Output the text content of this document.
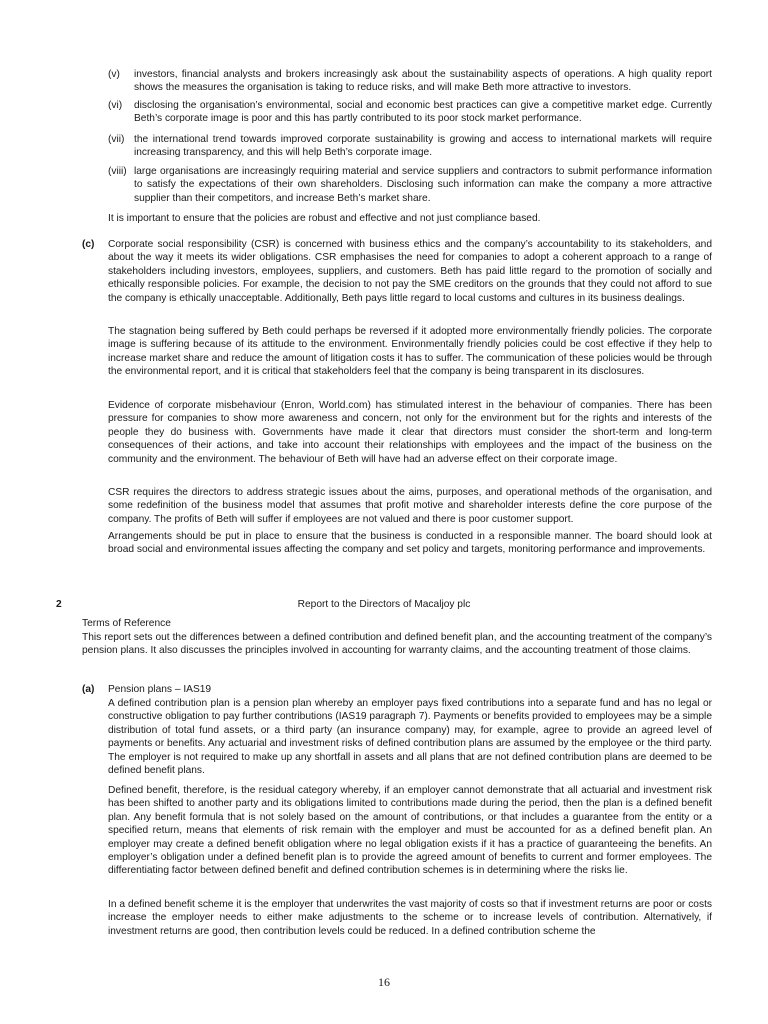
(v) investors, financial analysts and brokers increasingly ask about the sustainability aspects of operations. A high quality report shows the measures the organisation is taking to reduce risks, and will make Beth more attractive to investors.

(vi) disclosing the organisation’s environmental, social and economic best practices can give a competitive market edge. Currently Beth’s corporate image is poor and this has partly contributed to its poor stock market performance.

(vii) the international trend towards improved corporate sustainability is growing and access to international markets will require increasing transparency, and this will help Beth’s corporate image.

(viii) large organisations are increasingly requiring material and service suppliers and contractors to submit performance information to satisfy the expectations of their own shareholders. Disclosing such information can make the company a more attractive supplier than their competitors, and increase Beth’s market share.

It is important to ensure that the policies are robust and effective and not just compliance based.

(c) Corporate social responsibility (CSR) is concerned with business ethics and the company’s accountability to its stakeholders, and about the way it meets its wider obligations. CSR emphasises the need for companies to adopt a coherent approach to a range of stakeholders including investors, employees, suppliers, and customers. Beth has paid little regard to the promotion of socially and ethically responsible policies. For example, the decision to not pay the SME creditors on the grounds that they could not afford to sue the company is ethically unacceptable. Additionally, Beth pays little regard to local customs and cultures in its business dealings.

The stagnation being suffered by Beth could perhaps be reversed if it adopted more environmentally friendly policies. The corporate image is suffering because of its attitude to the environment. Environmentally friendly policies could be cost effective if they help to increase market share and reduce the amount of litigation costs it has to suffer. The communication of these policies would be through the environmental report, and it is critical that stakeholders feel that the company is being transparent in its disclosures.

Evidence of corporate misbehaviour (Enron, World.com) has stimulated interest in the behaviour of companies. There has been pressure for companies to show more awareness and concern, not only for the environment but for the rights and interests of the people they do business with. Governments have made it clear that directors must consider the short-term and long-term consequences of their actions, and take into account their relationships with employees and the impact of the business on the community and the environment. The behaviour of Beth will have had an adverse effect on their corporate image.

CSR requires the directors to address strategic issues about the aims, purposes, and operational methods of the organisation, and some redefinition of the business model that assumes that profit motive and shareholder interests define the core purpose of the company. The profits of Beth will suffer if employees are not valued and there is poor customer support.

Arrangements should be put in place to ensure that the business is conducted in a responsible manner. The board should look at broad social and environmental issues affecting the company and set policy and targets, monitoring performance and improvements.

2	Report to the Directors of Macaljoy plc
Terms of Reference

This report sets out the differences between a defined contribution and defined benefit plan, and the accounting treatment of the company’s pension plans. It also discusses the principles involved in accounting for warranty claims, and the accounting treatment of those claims.

(a) Pension plans – IAS19

A defined contribution plan is a pension plan whereby an employer pays fixed contributions into a separate fund and has no legal or constructive obligation to pay further contributions (IAS19 paragraph 7). Payments or benefits provided to employees may be a simple distribution of total fund assets, or a third party (an insurance company) may, for example, agree to provide an agreed level of payments or benefits. Any actuarial and investment risks of defined contribution plans are assumed by the employee or the third party. The employer is not required to make up any shortfall in assets and all plans that are not defined contribution plans are deemed to be defined benefit plans.

Defined benefit, therefore, is the residual category whereby, if an employer cannot demonstrate that all actuarial and investment risk has been shifted to another party and its obligations limited to contributions made during the period, then the plan is a defined benefit plan. Any benefit formula that is not solely based on the amount of contributions, or that includes a guarantee from the entity or a specified return, means that elements of risk remain with the employer and must be accounted for as a defined benefit plan. An employer may create a defined benefit obligation where no legal obligation exists if it has a practice of guaranteeing the benefits. An employer’s obligation under a defined benefit plan is to provide the agreed amount of benefits to current and former employees. The differentiating factor between defined benefit and defined contribution schemes is in determining where the risks lie.

In a defined benefit scheme it is the employer that underwrites the vast majority of costs so that if investment returns are poor or costs increase the employer needs to either make adjustments to the scheme or to increase levels of contribution. Alternatively, if investment returns are good, then contribution levels could be reduced. In a defined contribution scheme the

16
